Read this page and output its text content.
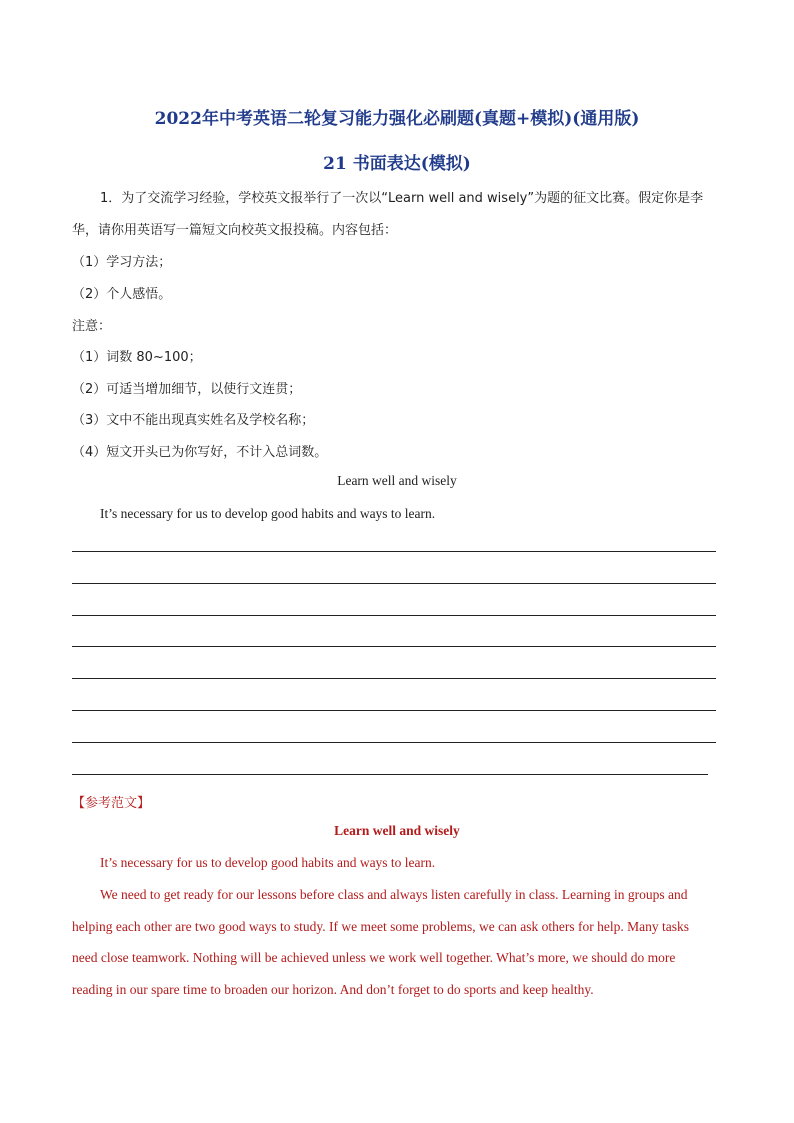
2022年中考英语二轮复习能力强化必刷题(真题+模拟)(通用版)
21 书面表达(模拟)
1．为了交流学习经验，学校英文报举行了一次以“Learn well and wisely”为题的征文比赛。假定你是李
华，请你用英语写一篇短文向校英文报投稿。内容包括：
（1）学习方法；
（2）个人感悟。
注意：
（1）词数 80~100；
（2）可适当增加细节，以使行文连贯；
（3）文中不能出现真实姓名及学校名称；
（4）短文开头已为你写好，不计入总词数。
Learn well and wisely
It’s necessary for us to develop good habits and ways to learn.
【参考范文】
Learn well and wisely
It’s necessary for us to develop good habits and ways to learn.
We need to get ready for our lessons before class and always listen carefully in class. Learning in groups and
helping each other are two good ways to study. If we meet some problems, we can ask others for help. Many tasks
need close teamwork. Nothing will be achieved unless we work well together. What’s more, we should do more
reading in our spare time to broaden our horizon. And don’t forget to do sports and keep healthy.
